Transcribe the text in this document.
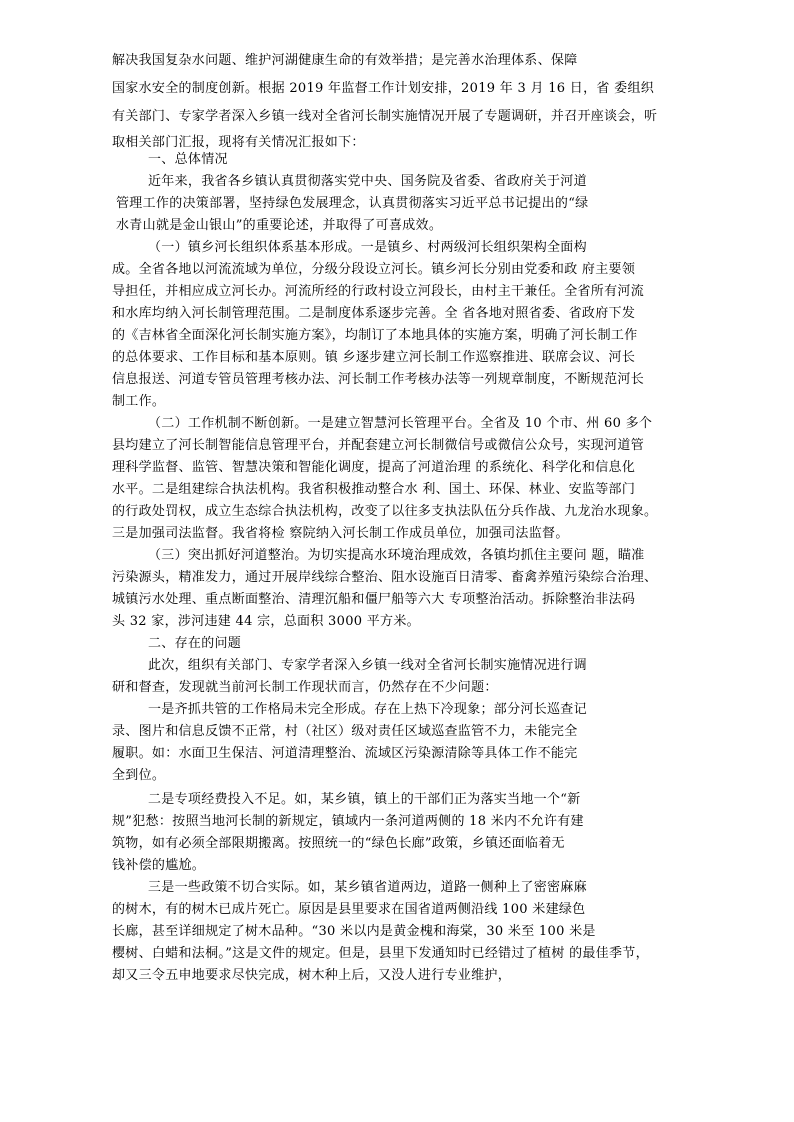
解决我国复杂水问题、维护河湖健康生命的有效举措；是完善水治理体系、保障
国家水安全的制度创新。根据 2019 年监督工作计划安排，2019 年 3 月 16 日，省 委组织
有关部门、专家学者深入乡镇一线对全省河长制实施情况开展了专题调研，并召开座谈会，听
取相关部门汇报，现将有关情况汇报如下：
一、总体情况
近年来，我省各乡镇认真贯彻落实党中央、国务院及省委、省政府关于河道
管理工作的决策部署，坚持绿色发展理念，认真贯彻落实习近平总书记提出的“绿
水青山就是金山银山”的重要论述，并取得了可喜成效。
（一）镇乡河长组织体系基本形成。一是镇乡、村两级河长组织架构全面构
成。全省各地以河流流域为单位，分级分段设立河长。镇乡河长分别由党委和政 府主要领
导担任，并相应成立河长办。河流所经的行政村设立河段长，由村主干兼任。全省所有河流
和水库均纳入河长制管理范围。二是制度体系逐步完善。全 省各地对照省委、省政府下发
的《吉林省全面深化河长制实施方案》，均制订了本地具体的实施方案，明确了河长制工作
的总体要求、工作目标和基本原则。镇 乡逐步建立河长制工作巡察推进、联席会议、河长
信息报送、河道专管员管理考核办法、河长制工作考核办法等一列规章制度，不断规范河长
制工作。
（二）工作机制不断创新。一是建立智慧河长管理平台。全省及 10 个市、州 60 多个
县均建立了河长制智能信息管理平台，并配套建立河长制微信号或微信公众号，实现河道管
理科学监督、监管、智慧决策和智能化调度，提高了河道治理 的系统化、科学化和信息化
水平。二是组建综合执法机构。我省积极推动整合水 利、国土、环保、林业、安监等部门
的行政处罚权，成立生态综合执法机构，改变了以往多支执法队伍分兵作战、九龙治水现象。
三是加强司法监督。我省将检 察院纳入河长制工作成员单位，加强司法监督。
（三）突出抓好河道整治。为切实提高水环境治理成效，各镇均抓住主要问 题，瞄准
污染源头，精准发力，通过开展岸线综合整治、阻水设施百日清零、畜禽养殖污染综合治理、
城镇污水处理、重点断面整治、清理沉船和僵尸船等六大 专项整治活动。拆除整治非法码
头 32 家，涉河违建 44 宗，总面积 3000 平方米。
二、存在的问题
此次，组织有关部门、专家学者深入乡镇一线对全省河长制实施情况进行调
研和督查，发现就当前河长制工作现状而言，仍然存在不少问题：
一是齐抓共管的工作格局未完全形成。存在上热下冷现象；部分河长巡查记
录、图片和信息反馈不正常，村（社区）级对责任区域巡查监管不力，未能完全
履职。如：水面卫生保洁、河道清理整治、流域区污染源清除等具体工作不能完
全到位。
二是专项经费投入不足。如，某乡镇，镇上的干部们正为落实当地一个“新
规”犯愁：按照当地河长制的新规定，镇域内一条河道两侧的 18 米内不允许有建
筑物，如有必须全部限期搬离。按照统一的“绿色长廊”政策，乡镇还面临着无
钱补偿的尴尬。
三是一些政策不切合实际。如，某乡镇省道两边，道路一侧种上了密密麻麻
的树木，有的树木已成片死亡。原因是县里要求在国省道两侧沿线 100 米建绿色
长廊，甚至详细规定了树木品种。“30 米以内是黄金槐和海棠，30 米至 100 米是
樱树、白蜡和法桐。”这是文件的规定。但是，县里下发通知时已经错过了植树 的最佳季节，
却又三令五申地要求尽快完成，树木种上后，又没人进行专业维护，
